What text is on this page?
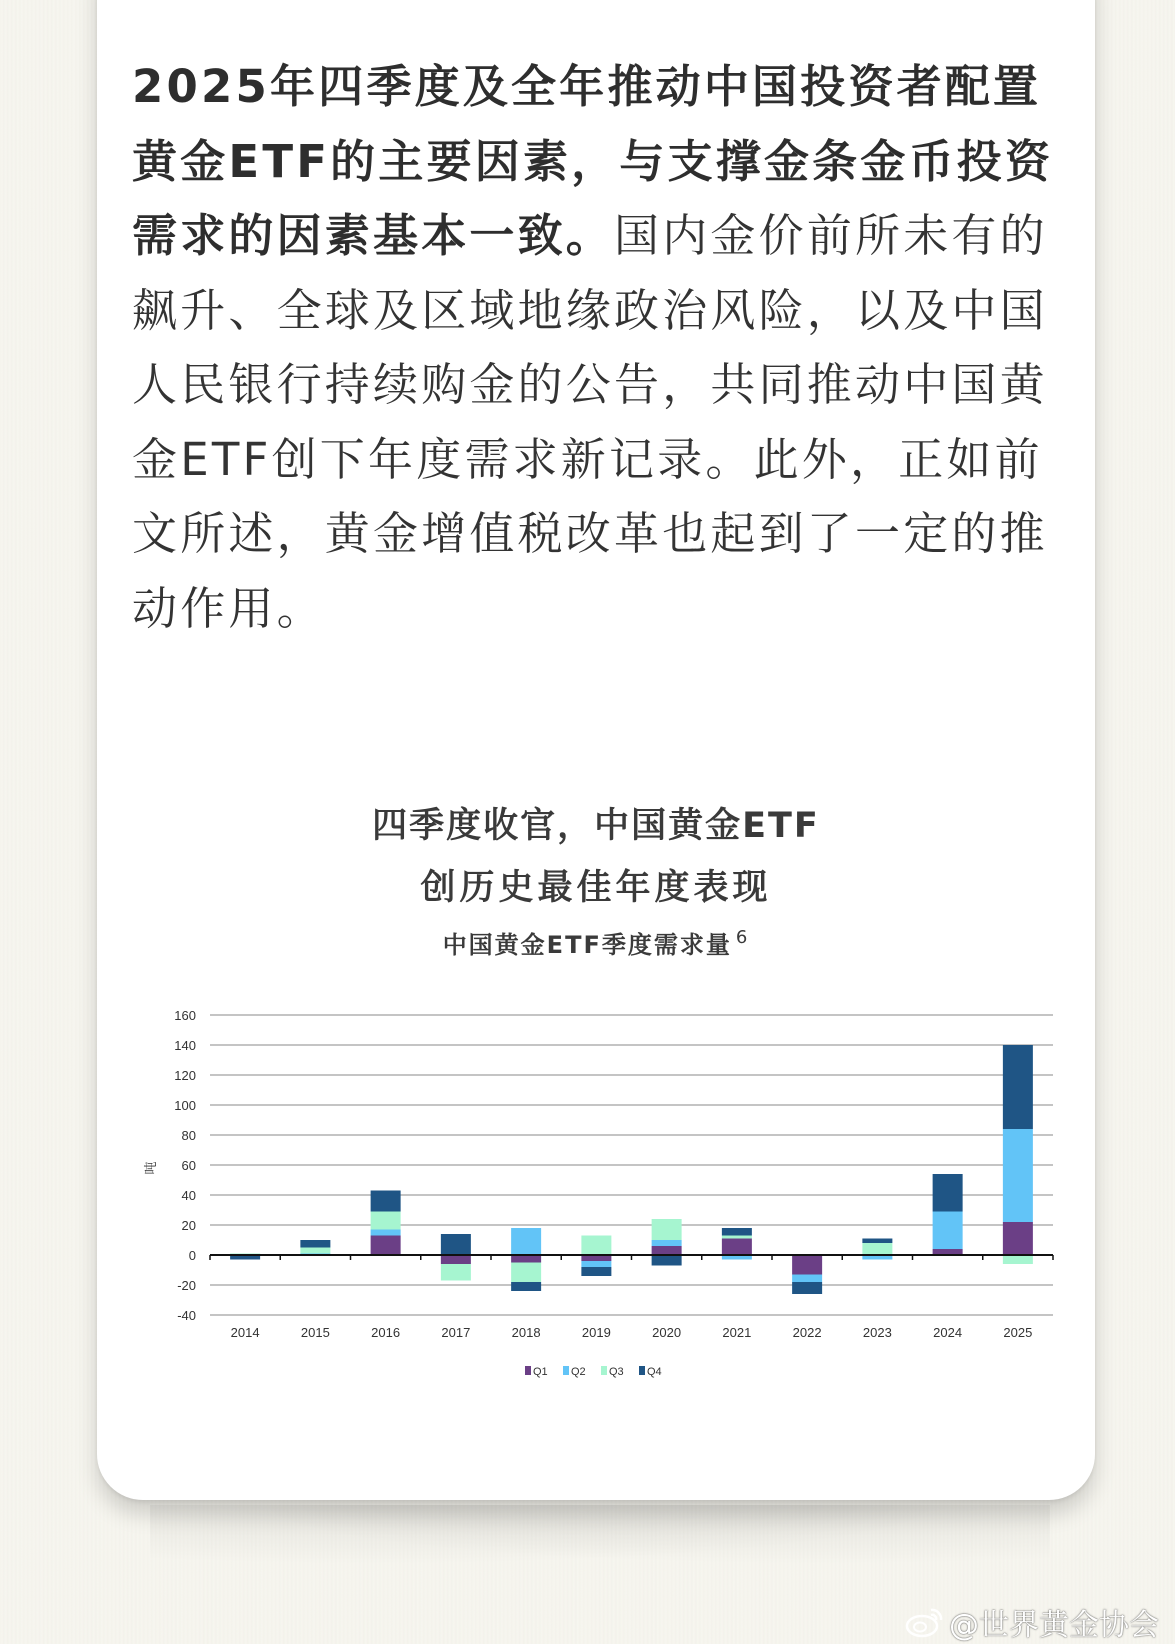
2025年四季度及全年推动中国投资者配置黄金ETF的主要因素，与支撑金条金币投资需求的因素基本一致。国内金价前所未有的飙升、全球及区域地缘政治风险，以及中国人民银行持续购金的公告，共同推动中国黄金ETF创下年度需求新记录。此外，正如前文所述，黄金增值税改革也起到了一定的推动作用。
四季度收官，中国黄金ETF
创历史最佳年度表现
中国黄金ETF季度需求量 $^6$
160
140
120
100
80
60
40
20
0
-20
-40
吨
2014	2015	2016	2017	2018	2019	2020	2021	2022	2023	2024	2025
Q1 Q2 Q3 Q4
@世界黄金协会
